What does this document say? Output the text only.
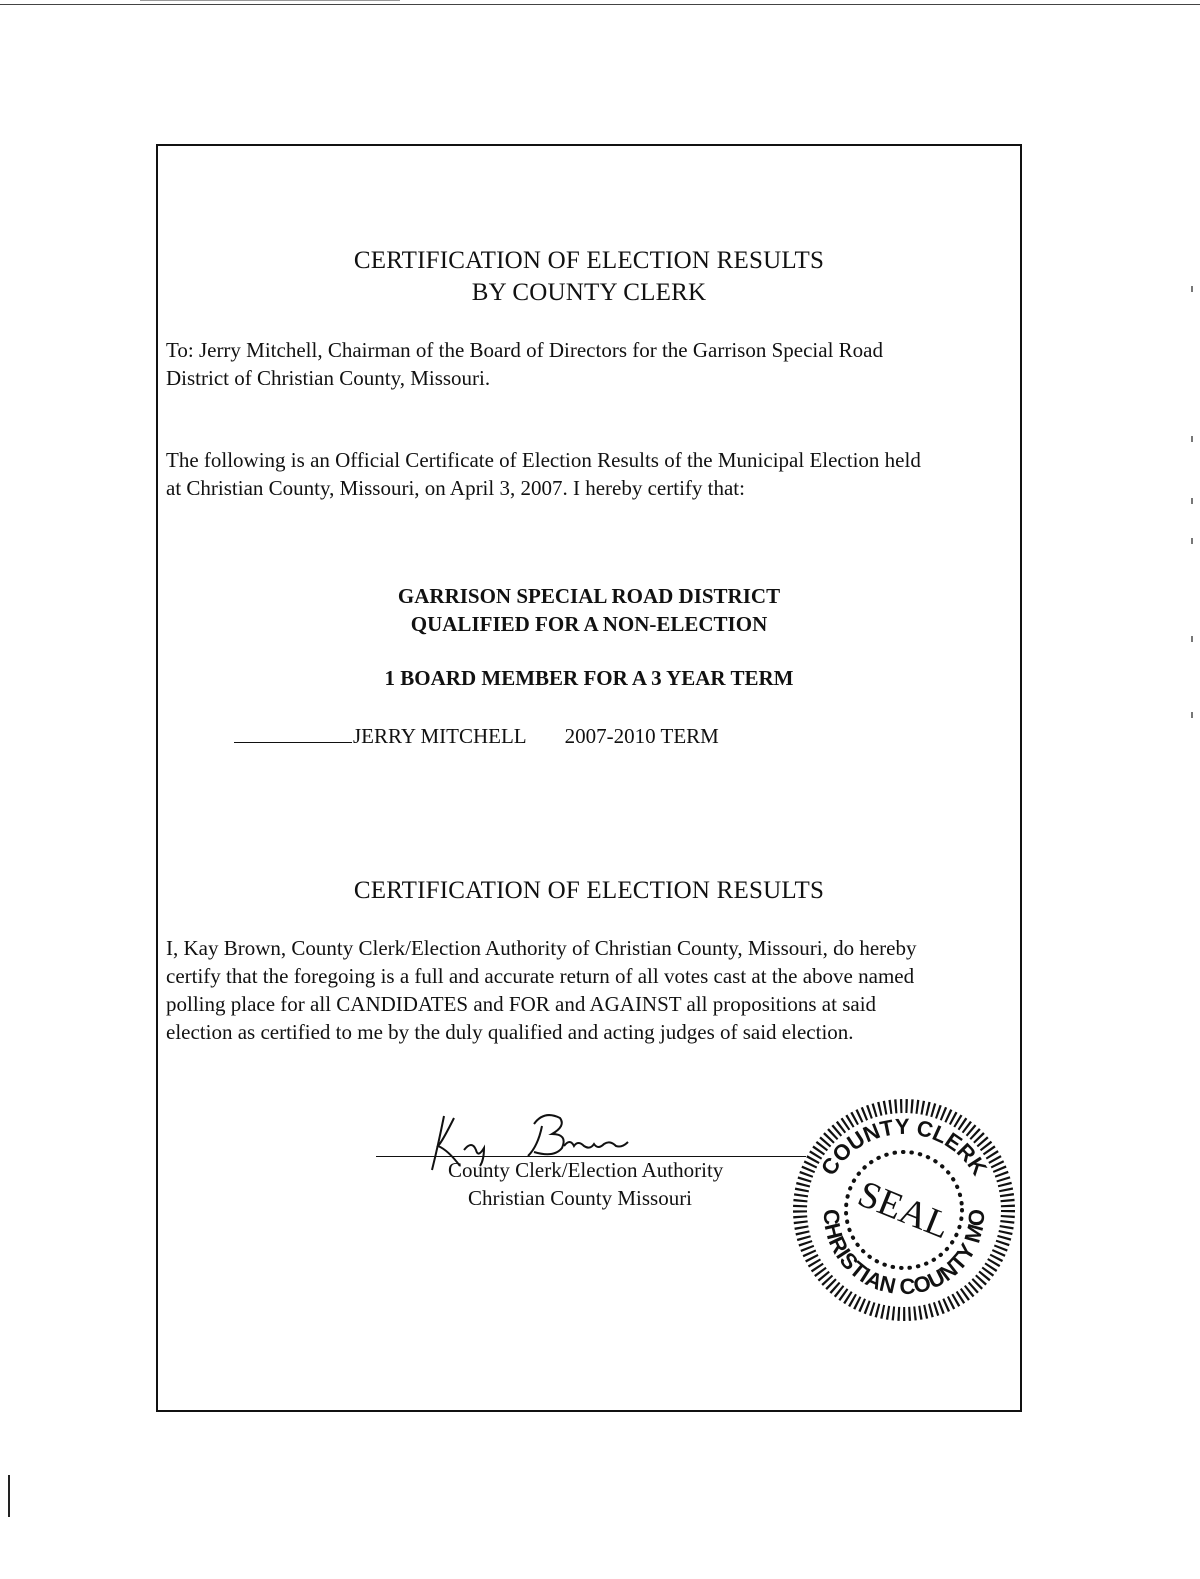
CERTIFICATION OF ELECTION RESULTS
BY COUNTY CLERK
To: Jerry Mitchell, Chairman of the Board of Directors for the Garrison Special Road
District of Christian County, Missouri.
The following is an Official Certificate of Election Results of the Municipal Election held
at Christian County, Missouri, on April 3, 2007. I hereby certify that:
GARRISON SPECIAL ROAD DISTRICT
QUALIFIED FOR A NON-ELECTION
1 BOARD MEMBER FOR A 3 YEAR TERM
JERRY MITCHELL 2007-2010 TERM
CERTIFICATION OF ELECTION RESULTS
I, Kay Brown, County Clerk/Election Authority of Christian County, Missouri, do hereby
certify that the foregoing is a full and accurate return of all votes cast at the above named
polling place for all CANDIDATES and FOR and AGAINST all propositions at said
election as certified to me by the duly qualified and acting judges of said election.
County Clerk/Election Authority
Christian County Missouri
COUNTY CLERK
CHRISTIAN COUNTY MO
SEAL
